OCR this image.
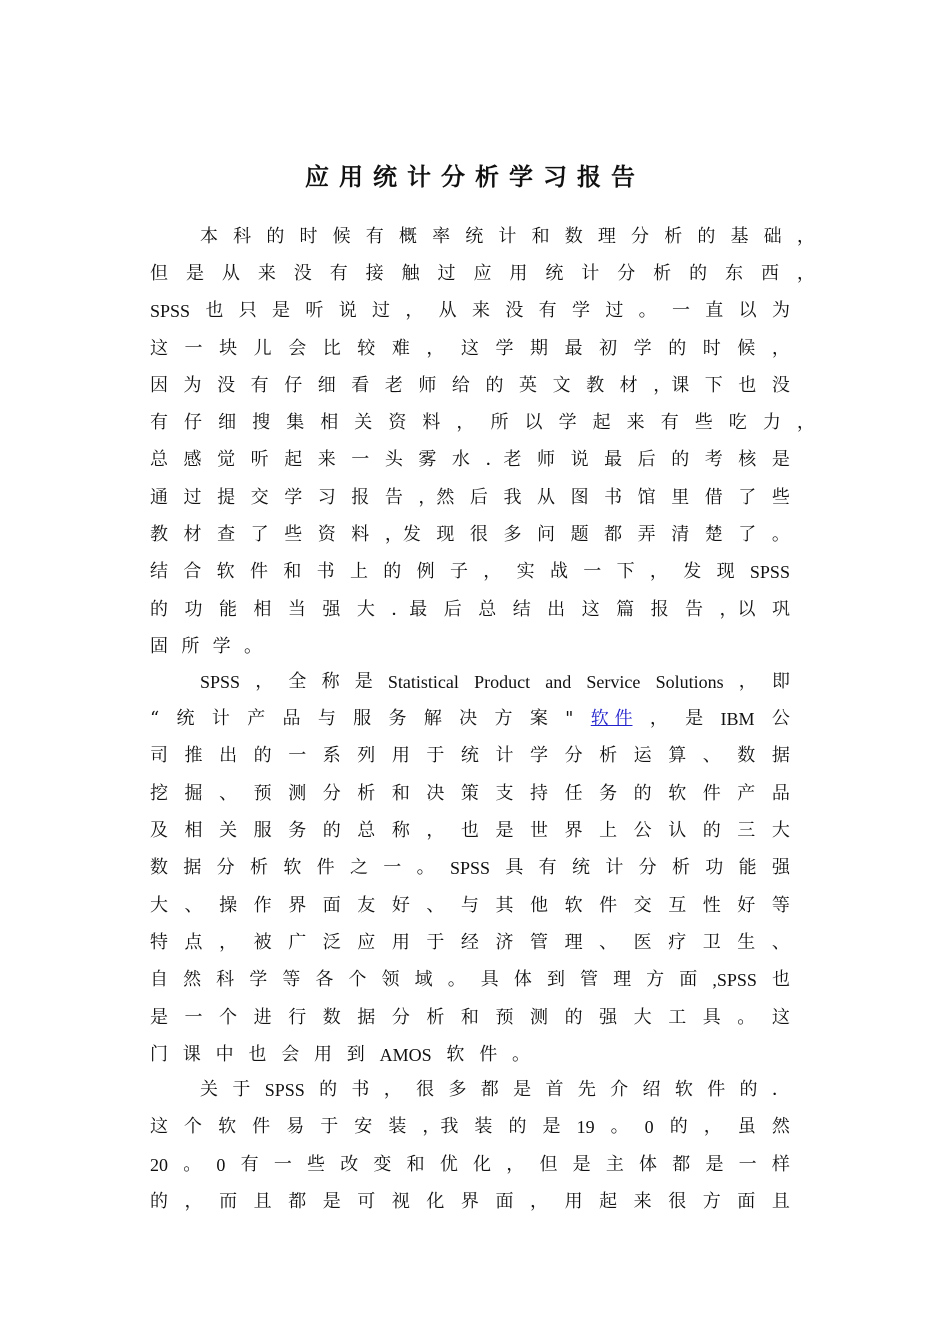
应用统计分析学习报告
本 科 的 时 候 有 概 率 统 计 和 数 理 分 析 的 基 础 ，
但 是 从 来 没 有 接 触 过 应 用 统 计 分 析 的 东 西 ，
SPSS 也 只 是 听 说 过 ， 从 来 没 有 学 过 。 一 直 以 为
这 一 块 儿 会 比 较 难 ， 这 学 期 最 初 学 的 时 候 ，
因 为 没 有 仔 细 看 老 师 给 的 英 文 教 材 ，课 下 也 没
有 仔 细 搜 集 相 关 资 料 ， 所 以 学 起 来 有 些 吃 力 ，
总 感 觉 听 起 来 一 头 雾 水 ．老 师 说 最 后 的 考 核 是
通 过 提 交 学 习 报 告 ，然 后 我 从 图 书 馆 里 借 了 些
教 材 查 了 些 资 料 ，发 现 很 多 问 题 都 弄 清 楚 了 。
结 合 软 件 和 书 上 的 例 子 ， 实 战 一 下 ， 发 现 SPSS
的 功 能 相 当 强 大 ．最 后 总 结 出 这 篇 报 告 ，以 巩
固 所 学 。
SPSS ， 全 称 是 Statistical Product and Service Solutions ， 即
“ 统 计 产 品 与 服 务 解 决 方 案 " 软 件 ， 是 IBM 公
司 推 出 的 一 系 列 用 于 统 计 学 分 析 运 算 、 数 据
挖 掘 、 预 测 分 析 和 决 策 支 持 任 务 的 软 件 产 品
及 相 关 服 务 的 总 称 ， 也 是 世 界 上 公 认 的 三 大
数 据 分 析 软 件 之 一 。 SPSS 具 有 统 计 分 析 功 能 强
大 、 操 作 界 面 友 好 、 与 其 他 软 件 交 互 性 好 等
特 点 ， 被 广 泛 应 用 于 经 济 管 理 、 医 疗 卫 生 、
自 然 科 学 等 各 个 领 域 。 具 体 到 管 理 方 面 ,SPSS 也
是 一 个 进 行 数 据 分 析 和 预 测 的 强 大 工 具 。 这
门 课 中 也 会 用 到 AMOS 软 件 。
关 于 SPSS 的 书 ， 很 多 都 是 首 先 介 绍 软 件 的 ．
这 个 软 件 易 于 安 装 ，我 装 的 是 19 。 0 的 ， 虽 然
20 。 0 有 一 些 改 变 和 优 化 ， 但 是 主 体 都 是 一 样
的 ， 而 且 都 是 可 视 化 界 面 ， 用 起 来 很 方 面 且
